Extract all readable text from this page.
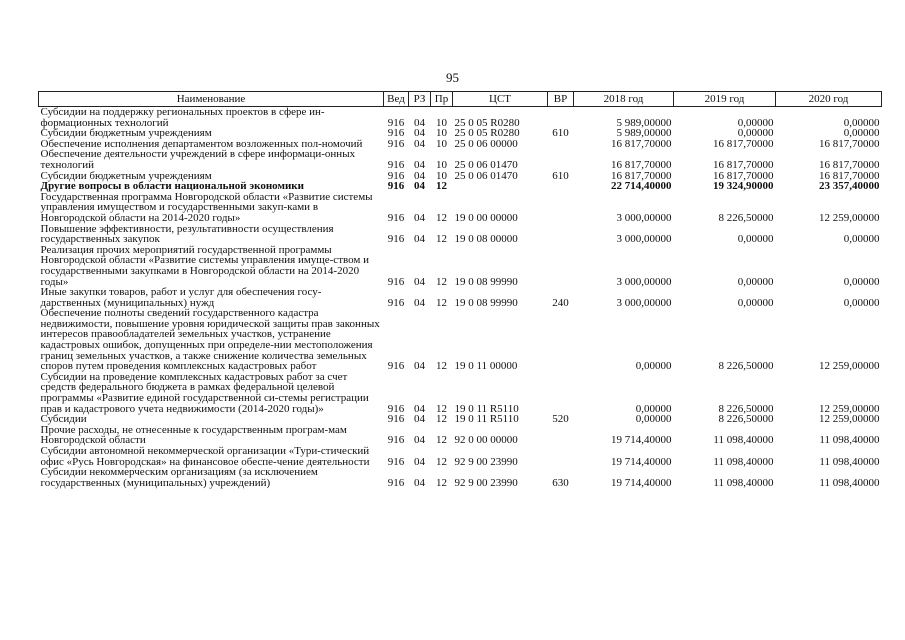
95
Наименование	Вед	РЗ	Пр	ЦСТ	ВР	2018 год	2019 год	2020 год
Субсидии на поддержку региональных проектов в сфере ин-формационных технологий	916	04	10	25 0 05 R0280		5 989,00000	0,00000	0,00000
Субсидии бюджетным учреждениям	916	04	10	25 0 05 R0280	610	5 989,00000	0,00000	0,00000
Обеспечение исполнения департаментом возложенных пол-номочий	916	04	10	25 0 06 00000		16 817,70000	16 817,70000	16 817,70000
Обеспечение деятельности учреждений в сфере информаци-онных технологий	916	04	10	25 0 06 01470		16 817,70000	16 817,70000	16 817,70000
Субсидии бюджетным учреждениям	916	04	10	25 0 06 01470	610	16 817,70000	16 817,70000	16 817,70000
Другие вопросы в области национальной экономики	916	04	12			22 714,40000	19 324,90000	23 357,40000
Государственная программа Новгородской области «Развитие системы управления имуществом и государственными закуп-ками в Новгородской области на 2014-2020 годы»	916	04	12	19 0 00 00000		3 000,00000	8 226,50000	12 259,00000
Повышение эффективности, результативности осуществления государственных закупок	916	04	12	19 0 08 00000		3 000,00000	0,00000	0,00000
Реализация прочих мероприятий государственной программы Новгородской области «Развитие системы управления имуще-ством и государственными закупками в Новгородской области на 2014-2020 годы»	916	04	12	19 0 08 99990		3 000,00000	0,00000	0,00000
Иные закупки товаров, работ и услуг для обеспечения госу-дарственных (муниципальных) нужд	916	04	12	19 0 08 99990	240	3 000,00000	0,00000	0,00000
Обеспечение полноты сведений государственного кадастра недвижимости, повышение уровня юридической защиты прав законных интересов правообладателей земельных участков, устранение кадастровых ошибок, допущенных при определе-нии местоположения границ земельных участков, а также снижение количества земельных споров путем проведения комплексных кадастровых работ	916	04	12	19 0 11 00000		0,00000	8 226,50000	12 259,00000
Субсидии на проведение комплексных кадастровых работ за счет средств федерального бюджета в рамках федеральной целевой программы «Развитие единой государственной си-стемы регистрации прав и кадастрового учета недвижимости (2014-2020 годы)»	916	04	12	19 0 11 R5110		0,00000	8 226,50000	12 259,00000
Субсидии	916	04	12	19 0 11 R5110	520	0,00000	8 226,50000	12 259,00000
Прочие расходы, не отнесенные к государственным програм-мам Новгородской области	916	04	12	92 0 00 00000		19 714,40000	11 098,40000	11 098,40000
Субсидии автономной некоммерческой организации «Тури-стический офис «Русь Новгородская» на финансовое обеспе-чение деятельности	916	04	12	92 9 00 23990		19 714,40000	11 098,40000	11 098,40000
Субсидии некоммерческим организациям (за исключением государственных (муниципальных) учреждений)	916	04	12	92 9 00 23990	630	19 714,40000	11 098,40000	11 098,40000
